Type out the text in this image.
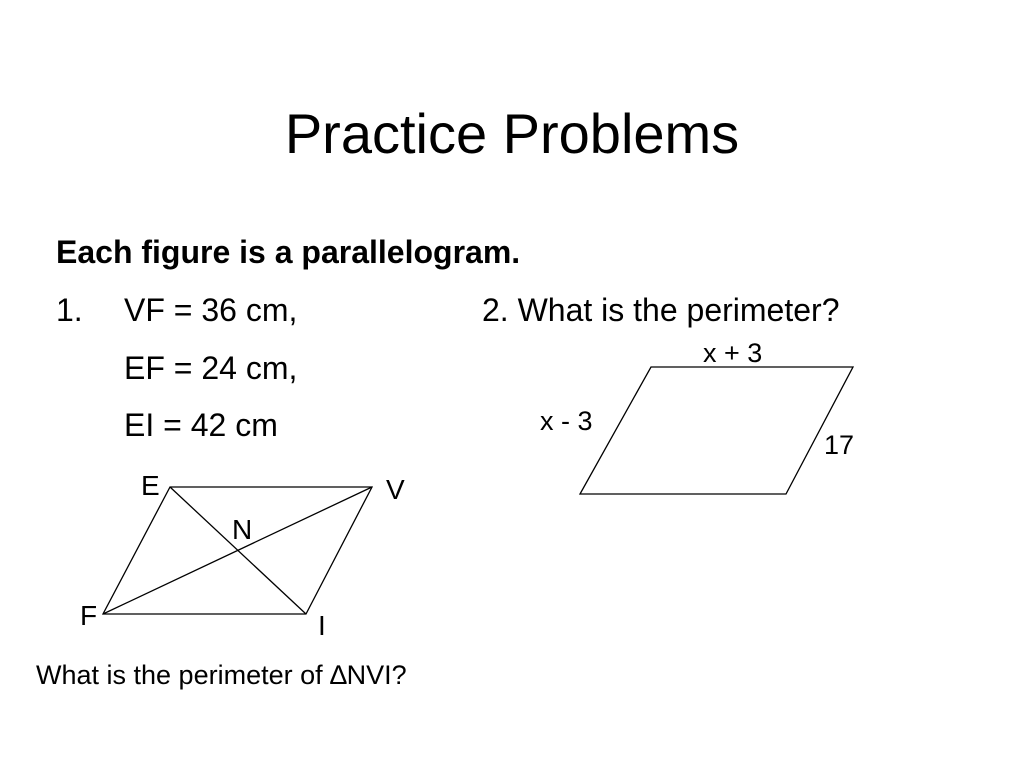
Practice Problems
Each figure is a parallelogram.
1. VF = 36 cm,
EF = 24 cm,
EI = 42 cm
2. What is the perimeter?
E	V
N
F	I
x + 3
x - 3
17
What is the perimeter of ∆NVI?
